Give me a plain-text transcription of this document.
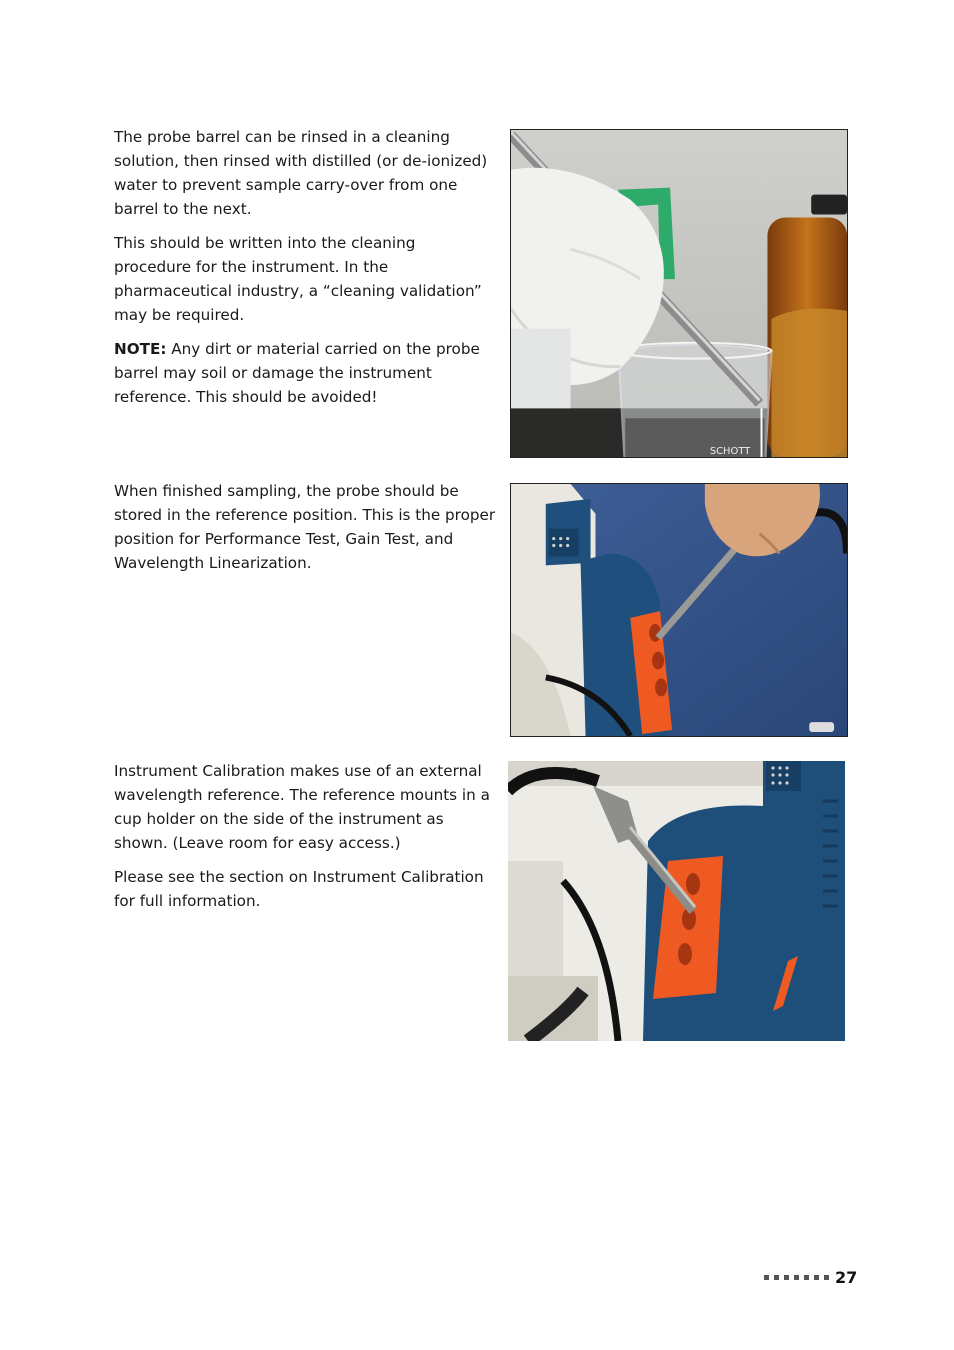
The probe barrel can be rinsed in a cleaning solution, then rinsed with distilled (or de-ionized) water to prevent sample carry-over from one barrel to the next.

This should be written into the cleaning procedure for the instrument. In the pharmaceutical industry, a “cleaning validation” may be required.

NOTE: Any dirt or material carried on the probe barrel may soil or damage the instrument reference. This should be avoided!

SCHOTT

When finished sampling, the probe should be stored in the reference position. This is the proper position for Performance Test, Gain Test, and Wavelength Linearization.

Instrument Calibration makes use of an external wavelength reference. The reference mounts in a cup holder on the side of the instrument as shown. (Leave room for easy access.)

Please see the section on Instrument Calibration for full information.

FOSS
27
